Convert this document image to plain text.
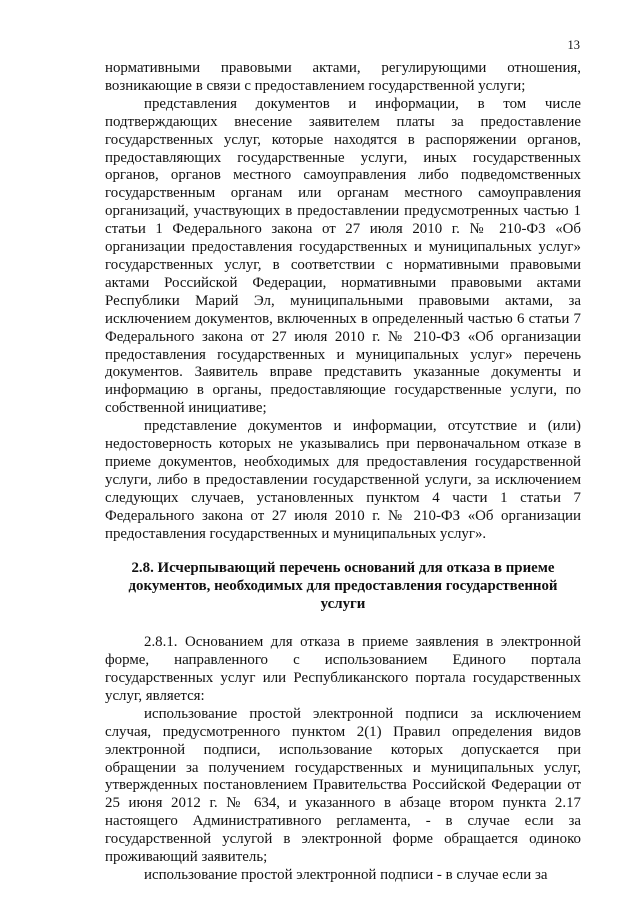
13

нормативными правовыми актами, регулирующими отношения, возникающие в связи с предоставлением государственной услуги;

представления документов и информации, в том числе подтверждающих внесение заявителем платы за предоставление государственных услуг, которые находятся в распоряжении органов, предоставляющих государственные услуги, иных государственных органов, органов местного самоуправления либо подведомственных государственным органам или органам местного самоуправления организаций, участвующих в предоставлении предусмотренных частью 1 статьи 1 Федерального закона от 27 июля 2010 г. № 210-ФЗ «Об организации предоставления государственных и муниципальных услуг» государственных услуг, в соответствии с нормативными правовыми актами Российской Федерации, нормативными правовыми актами Республики Марий Эл, муниципальными правовыми актами, за исключением документов, включенных в определенный частью 6 статьи 7 Федерального закона от 27 июля 2010 г. № 210-ФЗ «Об организации предоставления государственных и муниципальных услуг» перечень документов. Заявитель вправе представить указанные документы и информацию в органы, предоставляющие государственные услуги, по собственной инициативе;

представление документов и информации, отсутствие и (или) недостоверность которых не указывались при первоначальном отказе в приеме документов, необходимых для предоставления государственной услуги, либо в предоставлении государственной услуги, за исключением следующих случаев, установленных пунктом 4 части 1 статьи 7 Федерального закона от 27 июля 2010 г. № 210-ФЗ «Об организации предоставления государственных и муниципальных услуг».

2.8. Исчерпывающий перечень оснований для отказа в приеме документов, необходимых для предоставления государственной услуги

2.8.1. Основанием для отказа в приеме заявления в электронной форме, направленного с использованием Единого портала государственных услуг или Республиканского портала государственных услуг, является:

использование простой электронной подписи за исключением случая, предусмотренного пунктом 2(1) Правил определения видов электронной подписи, использование которых допускается при обращении за получением государственных и муниципальных услуг, утвержденных постановлением Правительства Российской Федерации от 25 июня 2012 г. № 634, и указанного в абзаце втором пункта 2.17 настоящего Административного регламента, - в случае если за государственной услугой в электронной форме обращается одиноко проживающий заявитель;

использование простой электронной подписи - в случае если за
